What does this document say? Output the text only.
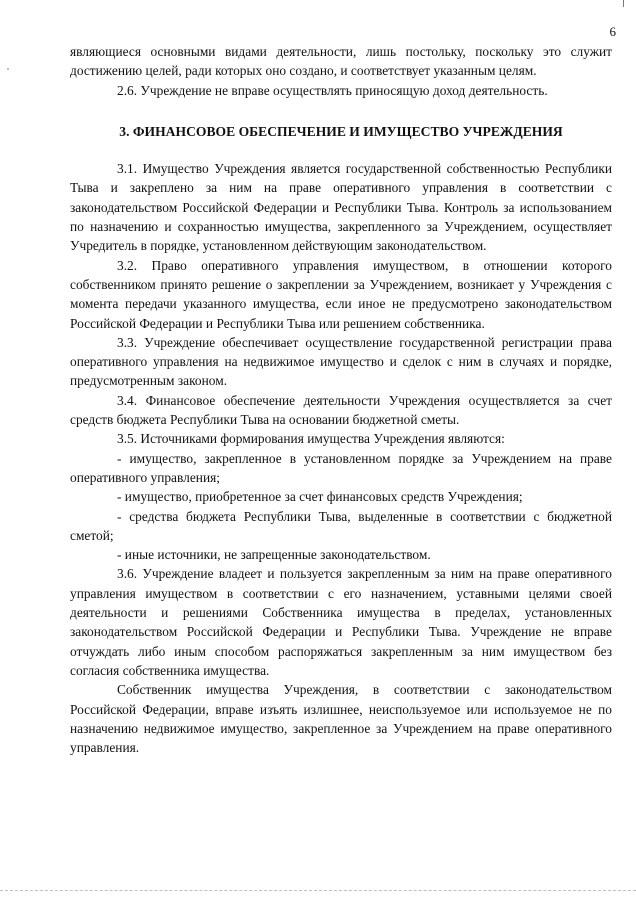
6

являющиеся основными видами деятельности, лишь постольку, поскольку это служит достижению целей, ради которых оно создано, и соответствует указанным целям.

2.6. Учреждение не вправе осуществлять приносящую доход деятельность.

3. ФИНАНСОВОЕ ОБЕСПЕЧЕНИЕ И ИМУЩЕСТВО УЧРЕЖДЕНИЯ

3.1. Имущество Учреждения является государственной собственностью Республики Тыва и закреплено за ним на праве оперативного управления в соответствии с законодательством Российской Федерации и Республики Тыва. Контроль за использованием по назначению и сохранностью имущества, закрепленного за Учреждением, осуществляет Учредитель в порядке, установленном действующим законодательством.

3.2. Право оперативного управления имуществом, в отношении которого собственником принято решение о закреплении за Учреждением, возникает у Учреждения с момента передачи указанного имущества, если иное не предусмотрено законодательством Российской Федерации и Республики Тыва или решением собственника.

3.3. Учреждение обеспечивает осуществление государственной регистрации права оперативного управления на недвижимое имущество и сделок с ним в случаях и порядке, предусмотренным законом.

3.4. Финансовое обеспечение деятельности Учреждения осуществляется за счет средств бюджета Республики Тыва на основании бюджетной сметы.

3.5. Источниками формирования имущества Учреждения являются:

- имущество, закрепленное в установленном порядке за Учреждением на праве оперативного управления;

- имущество, приобретенное за счет финансовых средств Учреждения;

- средства бюджета Республики Тыва, выделенные в соответствии с бюджетной сметой;

- иные источники, не запрещенные законодательством.

3.6. Учреждение владеет и пользуется закрепленным за ним на праве оперативного управления имуществом в соответствии с его назначением, уставными целями своей деятельности и решениями Собственника имущества в пределах, установленных законодательством Российской Федерации и Республики Тыва. Учреждение не вправе отчуждать либо иным способом распоряжаться закрепленным за ним имуществом без согласия собственника имущества.

Собственник имущества Учреждения, в соответствии с законодательством Российской Федерации, вправе изъять излишнее, неиспользуемое или используемое не по назначению недвижимое имущество, закрепленное за Учреждением на праве оперативного управления.
